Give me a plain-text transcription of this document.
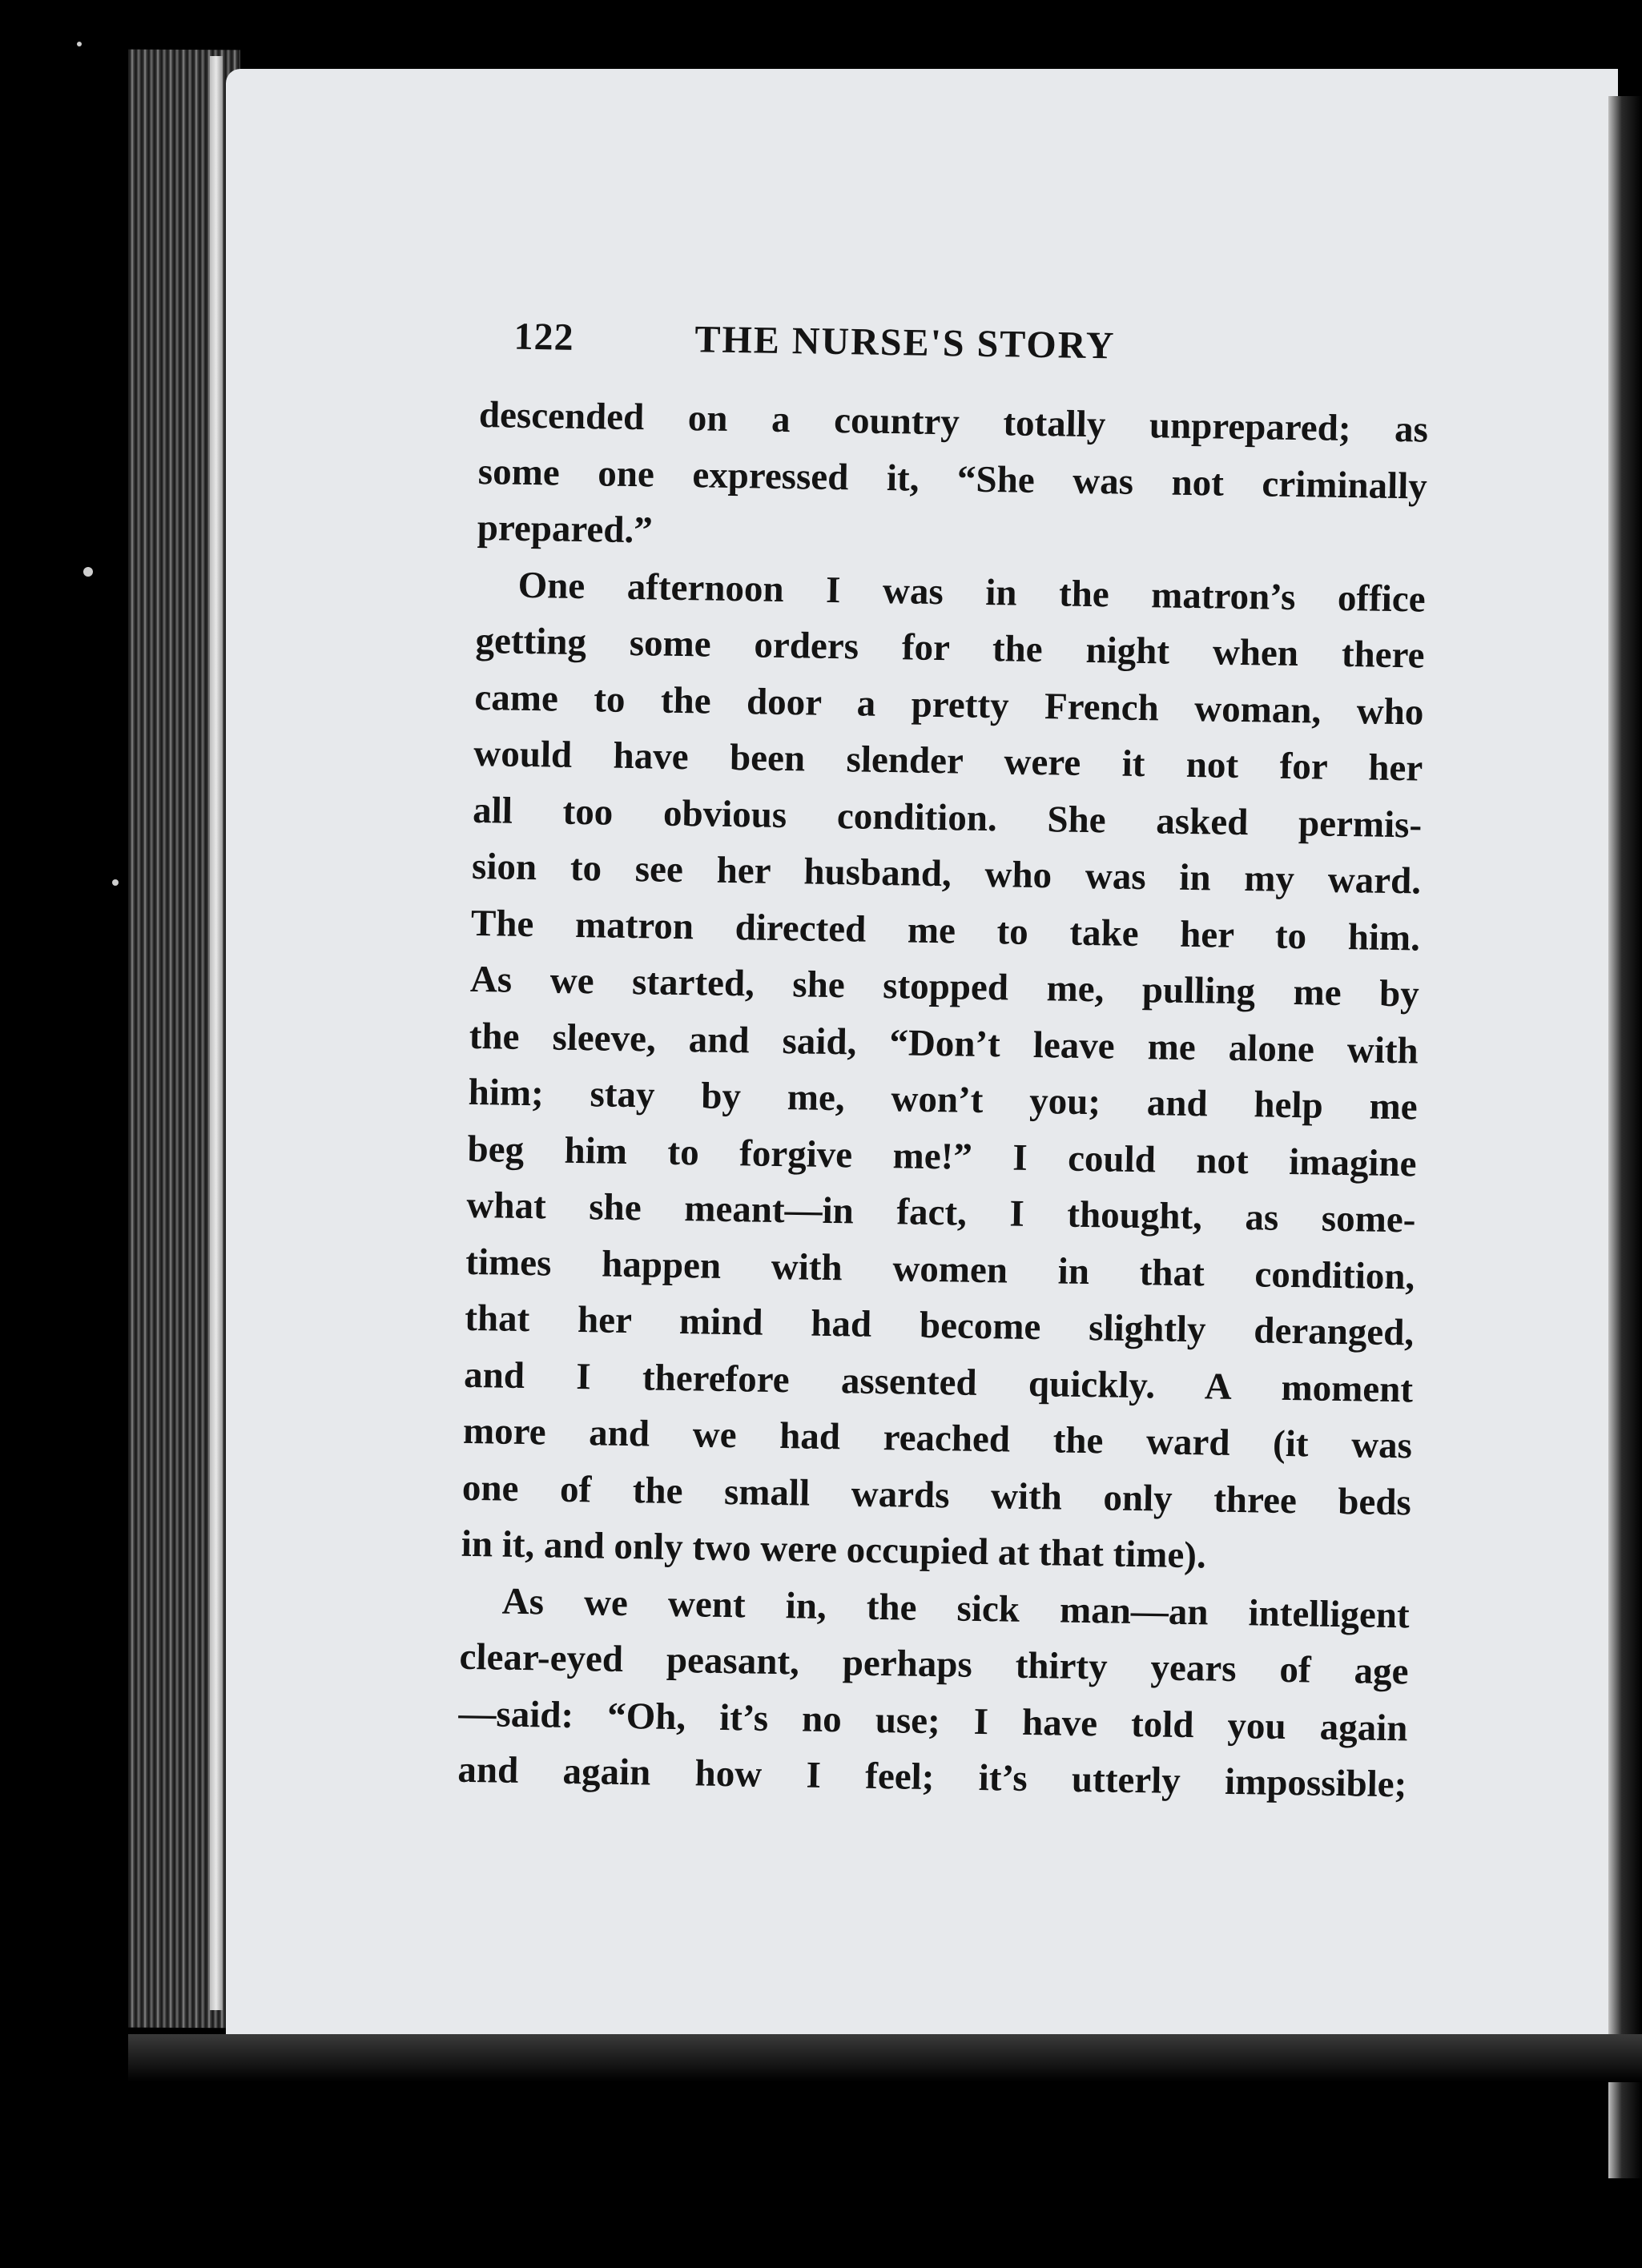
122	THE NURSE'S STORY
descended on a country totally unprepared; as
some one expressed it, “She was not criminally
prepared.”
One afternoon I was in the matron’s office
getting some orders for the night when there
came to the door a pretty French woman, who
would have been slender were it not for her
all too obvious condition. She asked permis-
sion to see her husband, who was in my ward.
The matron directed me to take her to him.
As we started, she stopped me, pulling me by
the sleeve, and said, “Don’t leave me alone with
him; stay by me, won’t you; and help me
beg him to forgive me!” I could not imagine
what she meant—in fact, I thought, as some-
times happen with women in that condition,
that her mind had become slightly deranged,
and I therefore assented quickly. A moment
more and we had reached the ward (it was
one of the small wards with only three beds
in it, and only two were occupied at that time).
As we went in, the sick man—an intelligent
clear-eyed peasant, perhaps thirty years of age
—said: “Oh, it’s no use; I have told you again
and again how I feel; it’s utterly impossible;
